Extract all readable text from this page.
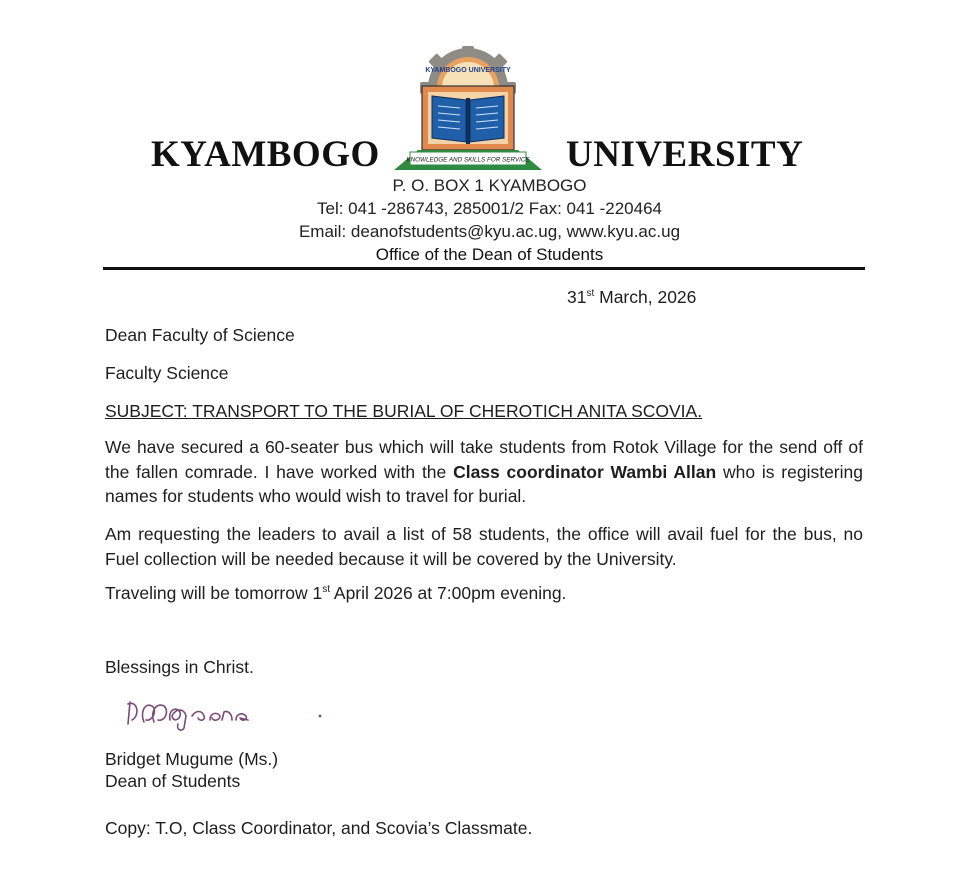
KYAMBOGO
KYAMBOGO UNIVERSITY
KNOWLEDGE AND SKILLS FOR SERVICE UNIVERSITY
P. O. BOX 1 KYAMBOGO
Tel: 041 -286743, 285001/2 Fax: 041 -220464
Email: deanofstudents@kyu.ac.ug, www.kyu.ac.ug
Office of the Dean of Students
31st March, 2026
Dean Faculty of Science
Faculty Science
SUBJECT: TRANSPORT TO THE BURIAL OF CHEROTICH ANITA SCOVIA.
We have secured a 60-seater bus which will take students from Rotok Village for the send off of the fallen comrade. I have worked with the Class coordinator Wambi Allan who is registering names for students who would wish to travel for burial.
Am requesting the leaders to avail a list of 58 students, the office will avail fuel for the bus, no Fuel collection will be needed because it will be covered by the University.
Traveling will be tomorrow 1st April 2026 at 7:00pm evening.
Blessings in Christ.
Bridget Mugume (Ms.)
Dean of Students
Copy: T.O, Class Coordinator, and Scovia’s Classmate.
